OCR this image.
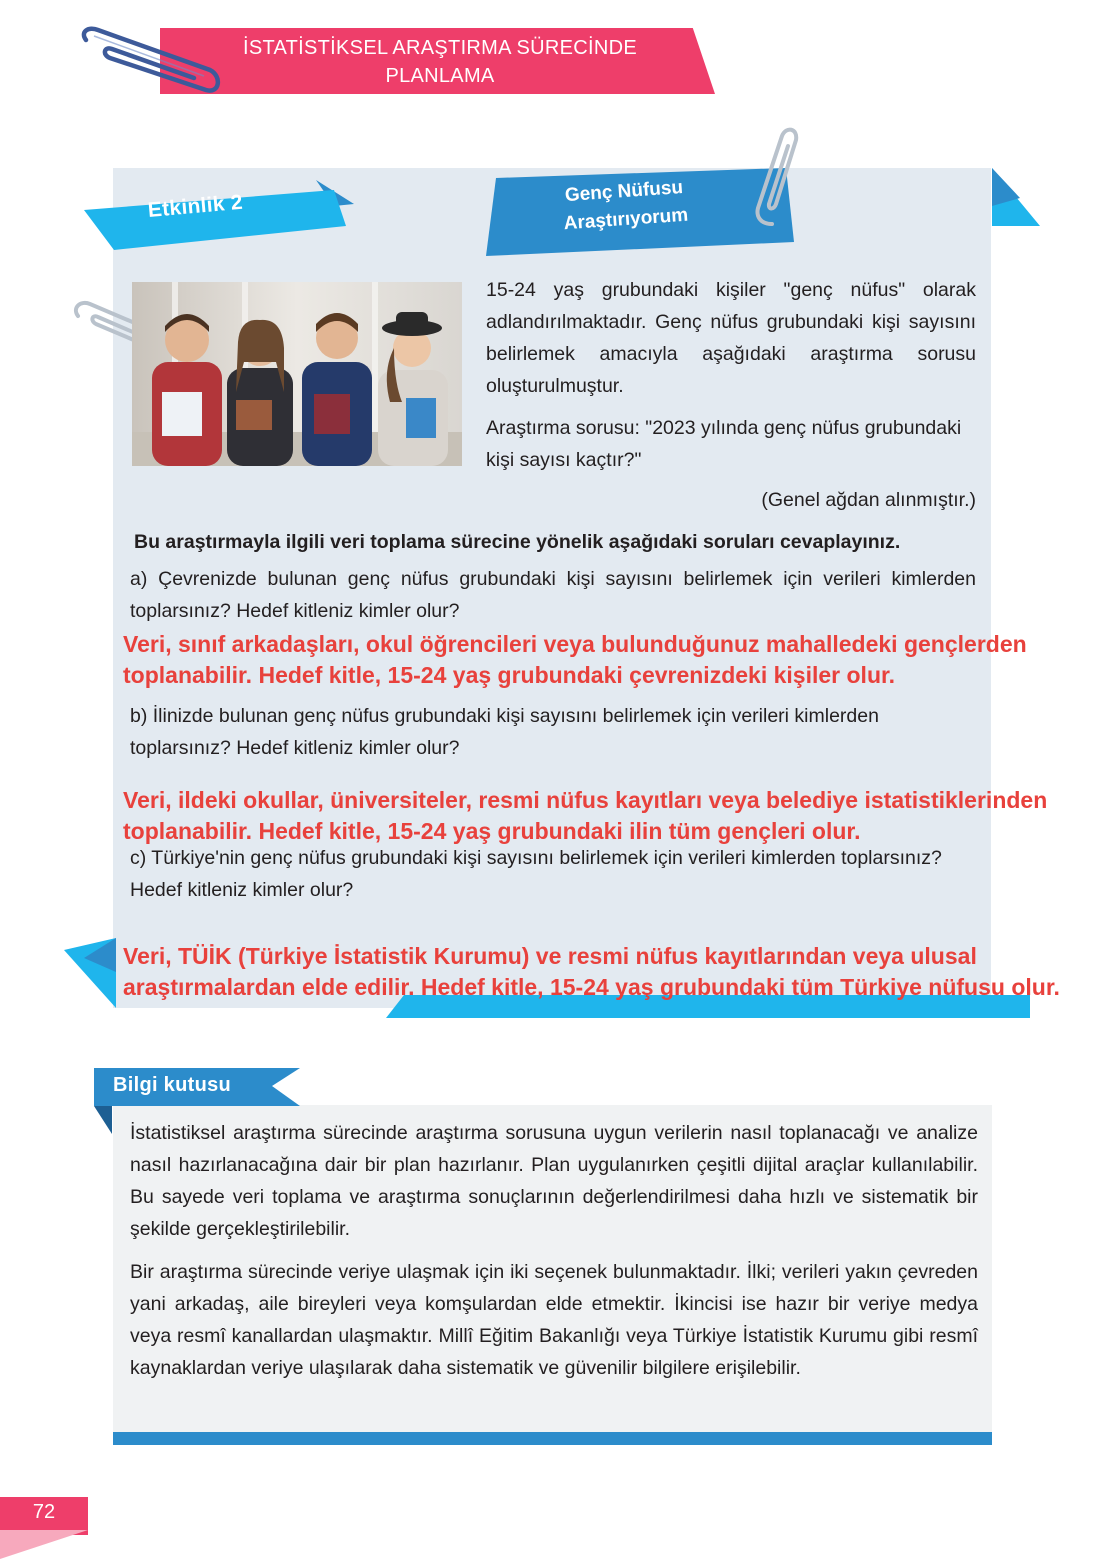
İSTATİSTİKSEL ARAŞTIRMA SÜRECİNDE
PLANLAMA
Etkinlik 2	Genç Nüfusu
Araştırıyorum
15-24 yaş grubundaki kişiler "genç nüfus" olarak adlandırılmaktadır. Genç nüfus grubundaki kişi sayısını belirlemek amacıyla aşağıdaki araştırma sorusu oluşturulmuştur.
Araştırma sorusu: "2023 yılında genç nüfus grubundaki kişi sayısı kaçtır?"
(Genel ağdan alınmıştır.)
Bu araştırmayla ilgili veri toplama sürecine yönelik aşağıdaki soruları cevaplayınız.
a) Çevrenizde bulunan genç nüfus grubundaki kişi sayısını belirlemek için verileri kimlerden toplarsınız? Hedef kitleniz kimler olur?
b) İlinizde bulunan genç nüfus grubundaki kişi sayısını belirlemek için verileri kimlerden toplarsınız? Hedef kitleniz kimler olur?
c) Türkiye'nin genç nüfus grubundaki kişi sayısını belirlemek için verileri kimlerden toplarsınız? Hedef kitleniz kimler olur?
Veri, sınıf arkadaşları, okul öğrencileri veya bulunduğunuz mahalledeki gençlerden toplanabilir. Hedef kitle, 15-24 yaş grubundaki çevrenizdeki kişiler olur.
Veri, ildeki okullar, üniversiteler, resmi nüfus kayıtları veya belediye istatistiklerinden toplanabilir. Hedef kitle, 15-24 yaş grubundaki ilin tüm gençleri olur.
Veri, TÜİK (Türkiye İstatistik Kurumu) ve resmi nüfus kayıtlarından veya ulusal araştırmalardan elde edilir. Hedef kitle, 15-24 yaş grubundaki tüm Türkiye nüfusu olur.
Bilgi kutusu
İstatistiksel araştırma sürecinde araştırma sorusuna uygun verilerin nasıl toplanacağı ve analize nasıl hazırlanacağına dair bir plan hazırlanır. Plan uygulanırken çeşitli dijital araçlar kullanılabilir. Bu sayede veri toplama ve araştırma sonuçlarının değerlendirilmesi daha hızlı ve sistematik bir şekilde gerçekleştirilebilir.
Bir araştırma sürecinde veriye ulaşmak için iki seçenek bulunmaktadır. İlki; verileri yakın çevreden yani arkadaş, aile bireyleri veya komşulardan elde etmektir. İkincisi ise hazır bir veriye medya veya resmî kanallardan ulaşmaktır. Millî Eğitim Bakanlığı veya Türkiye İstatistik Kurumu gibi resmî kaynaklardan veriye ulaşılarak daha sistematik ve güvenilir bilgilere erişilebilir.
72
